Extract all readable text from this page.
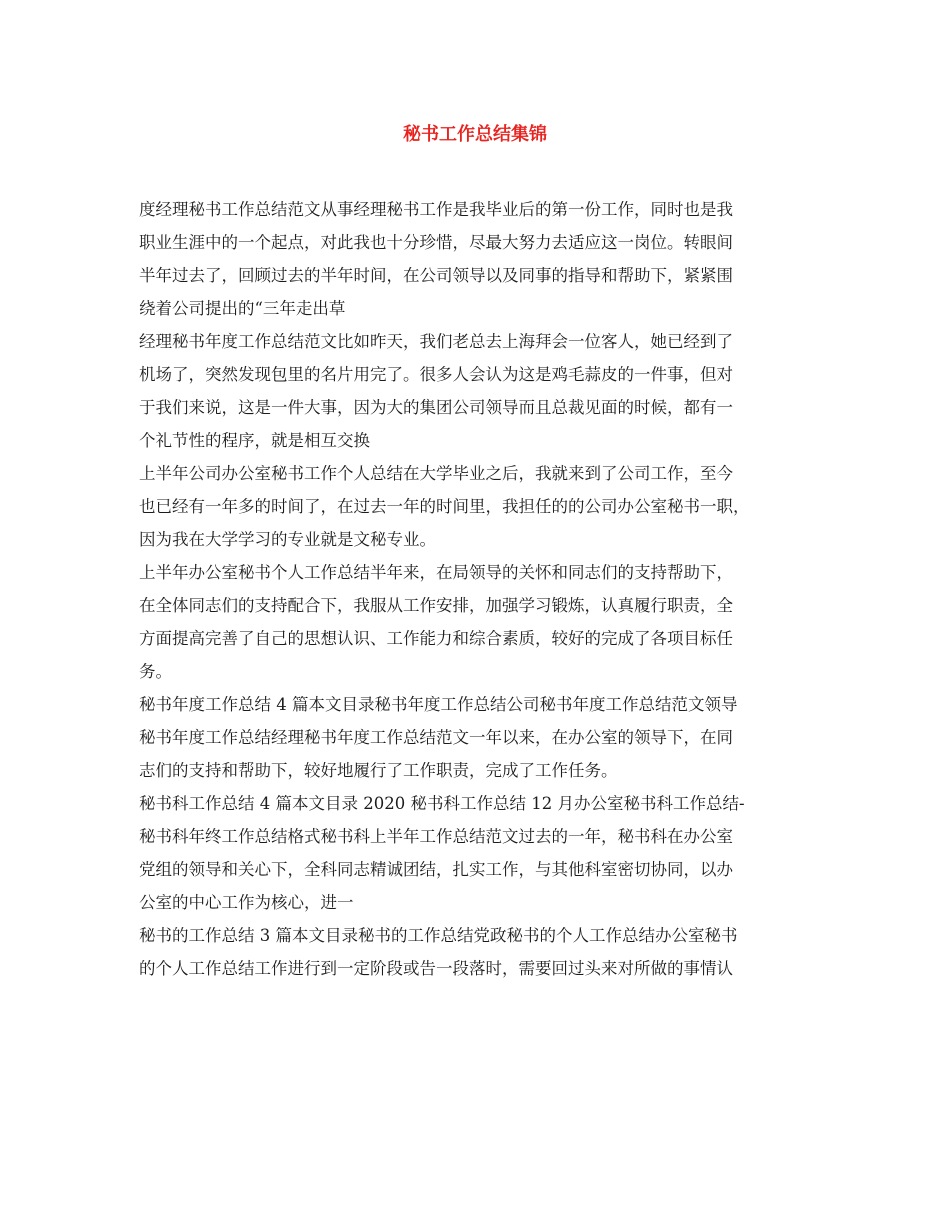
秘书工作总结集锦
度经理秘书工作总结范文从事经理秘书工作是我毕业后的第一份工作，同时也是我
职业生涯中的一个起点，对此我也十分珍惜，尽最大努力去适应这一岗位。转眼间
半年过去了，回顾过去的半年时间，在公司领导以及同事的指导和帮助下，紧紧围
绕着公司提出的“三年走出草
经理秘书年度工作总结范文比如昨天，我们老总去上海拜会一位客人，她已经到了
机场了，突然发现包里的名片用完了。很多人会认为这是鸡毛蒜皮的一件事，但对
于我们来说，这是一件大事，因为大的集团公司领导而且总裁见面的时候，都有一
个礼节性的程序，就是相互交换
上半年公司办公室秘书工作个人总结在大学毕业之后，我就来到了公司工作，至今
也已经有一年多的时间了，在过去一年的时间里，我担任的的公司办公室秘书一职，
因为我在大学学习的专业就是文秘专业。
上半年办公室秘书个人工作总结半年来，在局领导的关怀和同志们的支持帮助下，
在全体同志们的支持配合下，我服从工作安排，加强学习锻炼，认真履行职责，全
方面提高完善了自己的思想认识、工作能力和综合素质，较好的完成了各项目标任
务。
秘书年度工作总结 4 篇本文目录秘书年度工作总结公司秘书年度工作总结范文领导
秘书年度工作总结经理秘书年度工作总结范文一年以来，在办公室的领导下，在同
志们的支持和帮助下，较好地履行了工作职责，完成了工作任务。
秘书科工作总结 4 篇本文目录 2020 秘书科工作总结 12 月办公室秘书科工作总结-
秘书科年终工作总结格式秘书科上半年工作总结范文过去的一年，秘书科在办公室
党组的领导和关心下，全科同志精诚团结，扎实工作，与其他科室密切协同，以办
公室的中心工作为核心，进一
秘书的工作总结 3 篇本文目录秘书的工作总结党政秘书的个人工作总结办公室秘书
的个人工作总结工作进行到一定阶段或告一段落时，需要回过头来对所做的事情认
